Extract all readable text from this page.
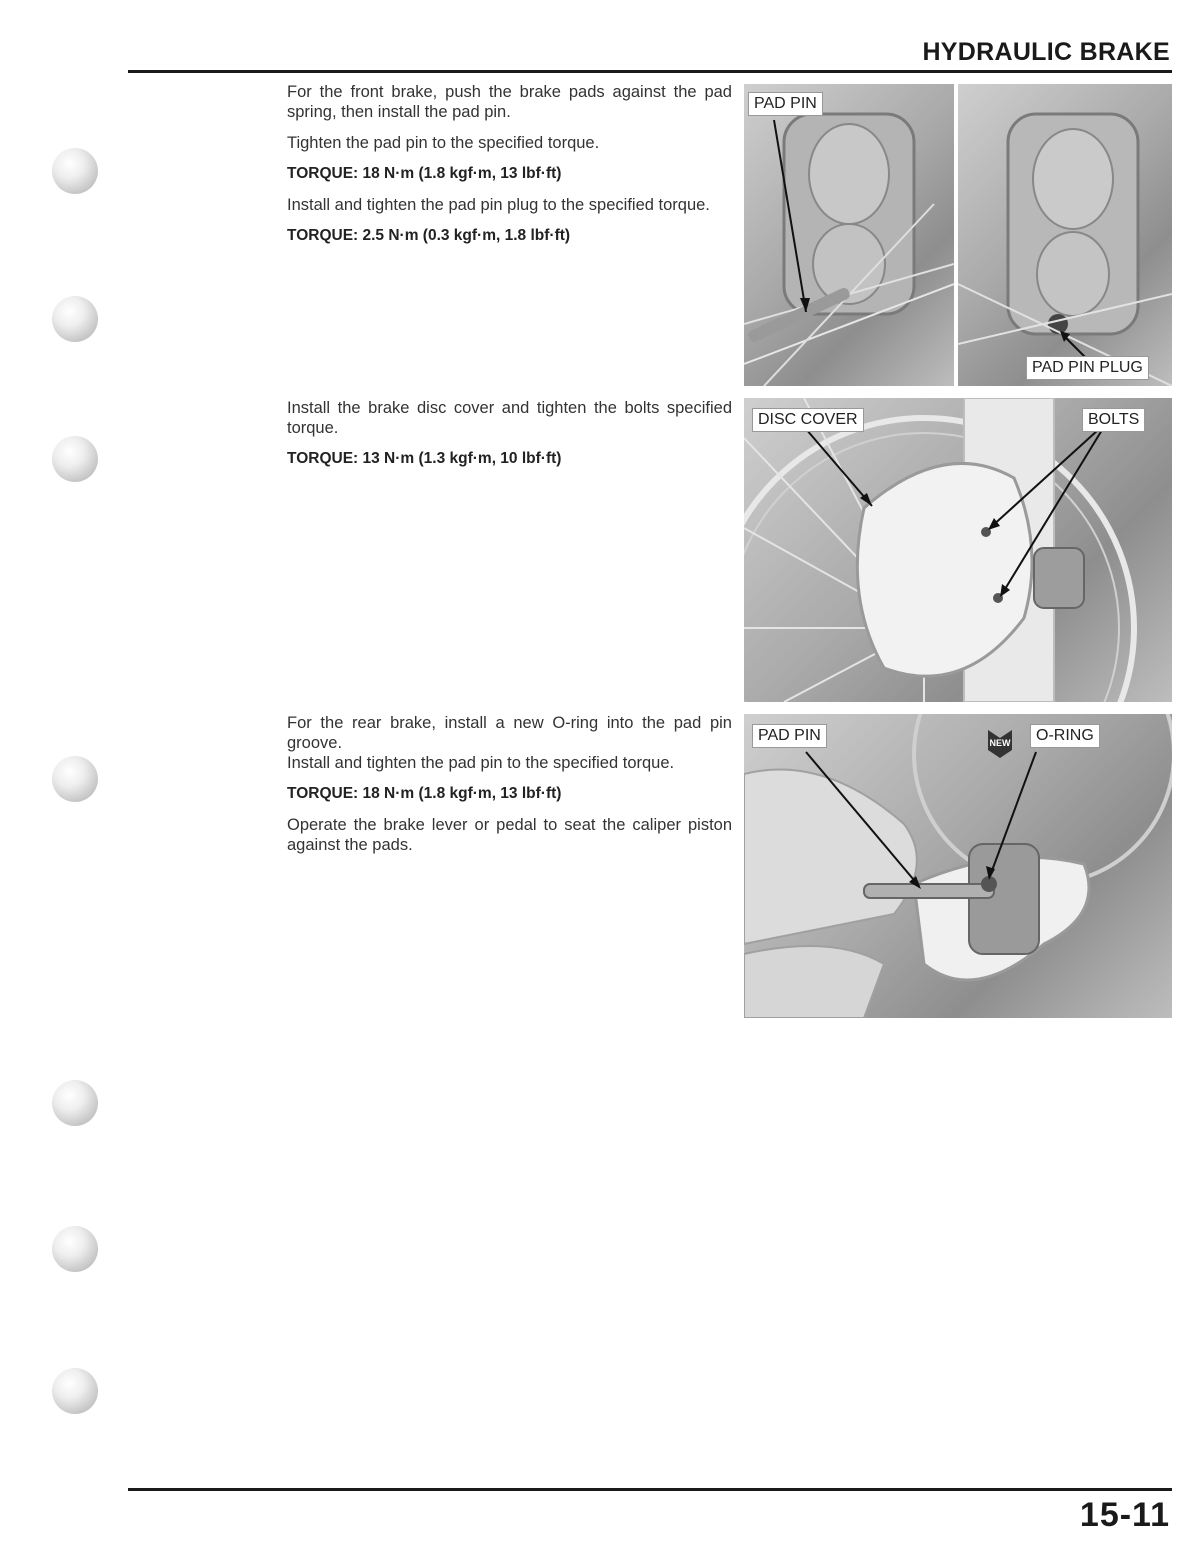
HYDRAULIC BRAKE

For the front brake, push the brake pads against the pad spring, then install the pad pin.

Tighten the pad pin to the specified torque.

TORQUE: 18 N·m (1.8 kgf·m, 13 lbf·ft)

Install and tighten the pad pin plug to the specified torque.

TORQUE: 2.5 N·m (0.3 kgf·m, 1.8 lbf·ft)

Install the brake disc cover and tighten the bolts specified torque.

TORQUE: 13 N·m (1.3 kgf·m, 10 lbf·ft)

For the rear brake, install a new O-ring into the pad pin groove.

Install and tighten the pad pin to the specified torque.

TORQUE: 18 N·m (1.8 kgf·m, 13 lbf·ft)

Operate the brake lever or pedal to seat the caliper piston against the pads.

PAD PIN
PAD PIN PLUG
DISC COVER	BOLTS
PAD PIN	NEW	O-RING
15-11
